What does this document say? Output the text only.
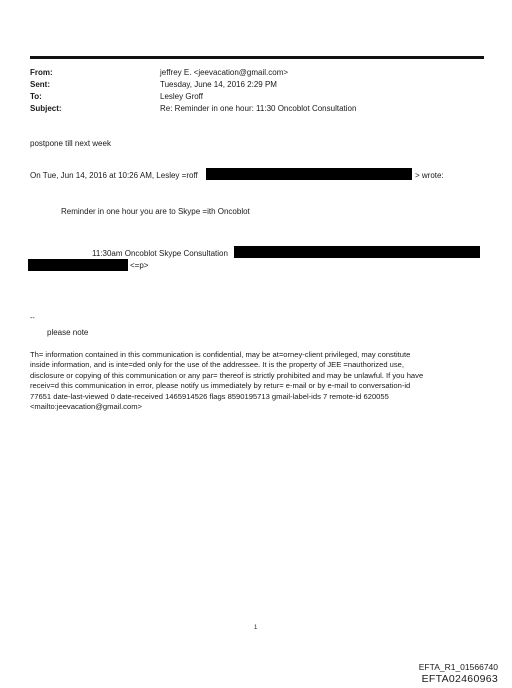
From:	jeffrey E. <jeevacation@gmail.com>
Sent:	Tuesday, June 14, 2016 2:29 PM
To:	Lesley Groff
Subject:	Re: Reminder in one hour: 11:30 Oncoblot Consultation
postpone till next week
On Tue, Jun 14, 2016 at 10:26 AM, Lesley =roff	> wrote:
Reminder in one hour you are to Skype =ith Oncoblot
11:30am Oncoblot Skype Consultation
<=p>
--
please note
Th= information contained in this communication is confidential, may be at=orney-client privileged, may constitute
inside information, and is inte=ded only for the use of the addressee. It is the property of JEE =nauthorized use,
disclosure or copying of this communication or any par= thereof is strictly prohibited and may be unlawful. If you have
receiv=d this communication in error, please notify us immediately by retur= e-mail or by e-mail to conversation-id
77651 date-last-viewed 0 date-received 1465914526 flags 8590195713 gmail-label-ids 7 remote-id 620055
<mailto:jeevacation@gmail.com>
1
EFTA_R1_01566740
EFTA02460963
